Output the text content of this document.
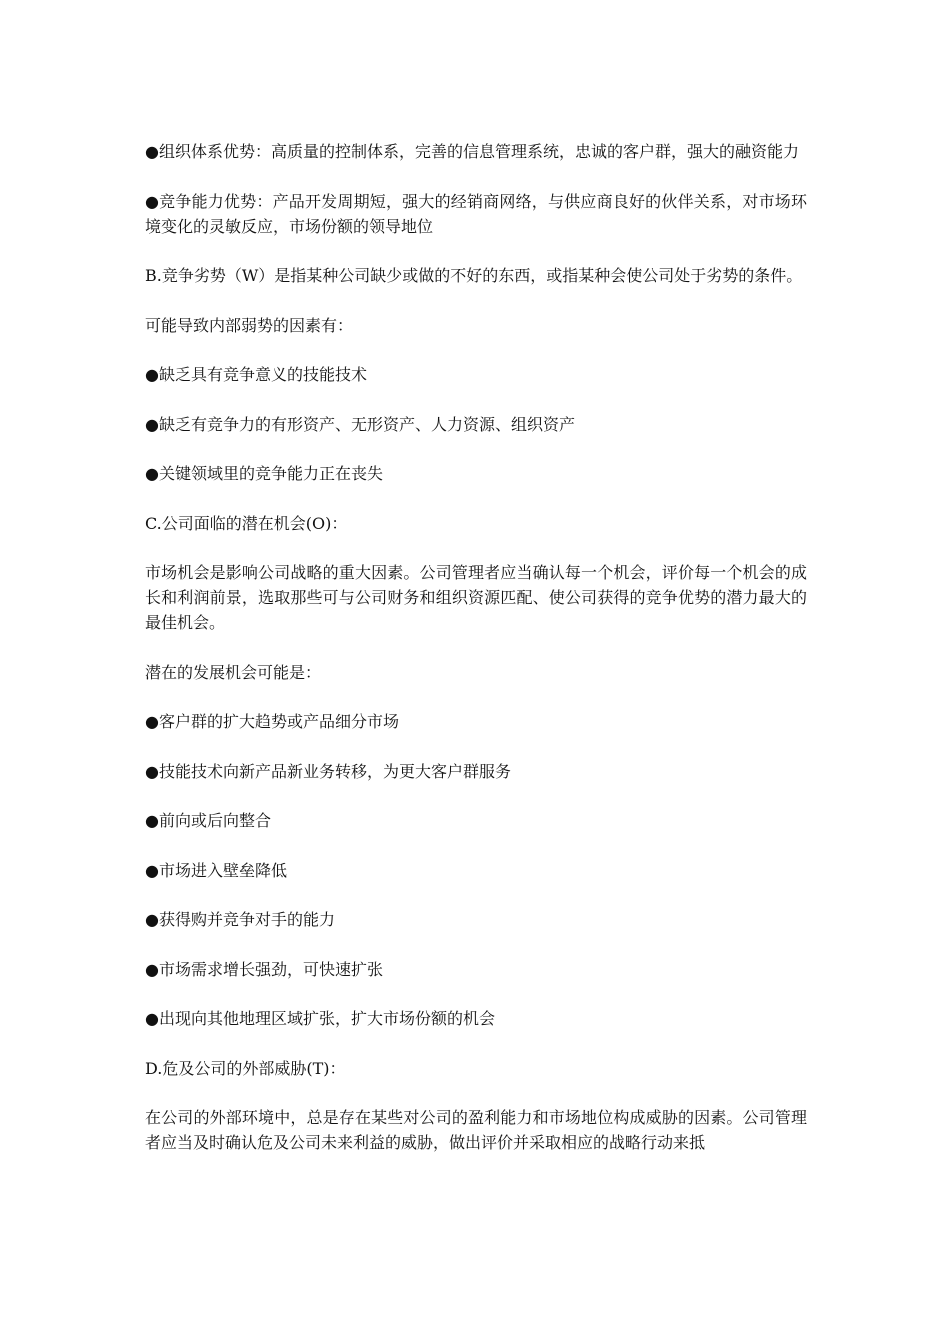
●组织体系优势：高质量的控制体系，完善的信息管理系统，忠诚的客户群，强大的融资能力

●竞争能力优势：产品开发周期短，强大的经销商网络，与供应商良好的伙伴关系，对市场环境变化的灵敏反应，市场份额的领导地位

B.竞争劣势（W）是指某种公司缺少或做的不好的东西，或指某种会使公司处于劣势的条件。

可能导致内部弱势的因素有：

●缺乏具有竞争意义的技能技术

●缺乏有竞争力的有形资产、无形资产、人力资源、组织资产

●关键领域里的竞争能力正在丧失

C.公司面临的潜在机会(O)：

市场机会是影响公司战略的重大因素。公司管理者应当确认每一个机会，评价每一个机会的成长和利润前景，选取那些可与公司财务和组织资源匹配、使公司获得的竞争优势的潜力最大的最佳机会。

潜在的发展机会可能是：

●客户群的扩大趋势或产品细分市场

●技能技术向新产品新业务转移，为更大客户群服务

●前向或后向整合

●市场进入壁垒降低

●获得购并竞争对手的能力

●市场需求增长强劲，可快速扩张

●出现向其他地理区域扩张，扩大市场份额的机会

D.危及公司的外部威胁(T)：

在公司的外部环境中，总是存在某些对公司的盈利能力和市场地位构成威胁的因素。公司管理者应当及时确认危及公司未来利益的威胁，做出评价并采取相应的战略行动来抵
